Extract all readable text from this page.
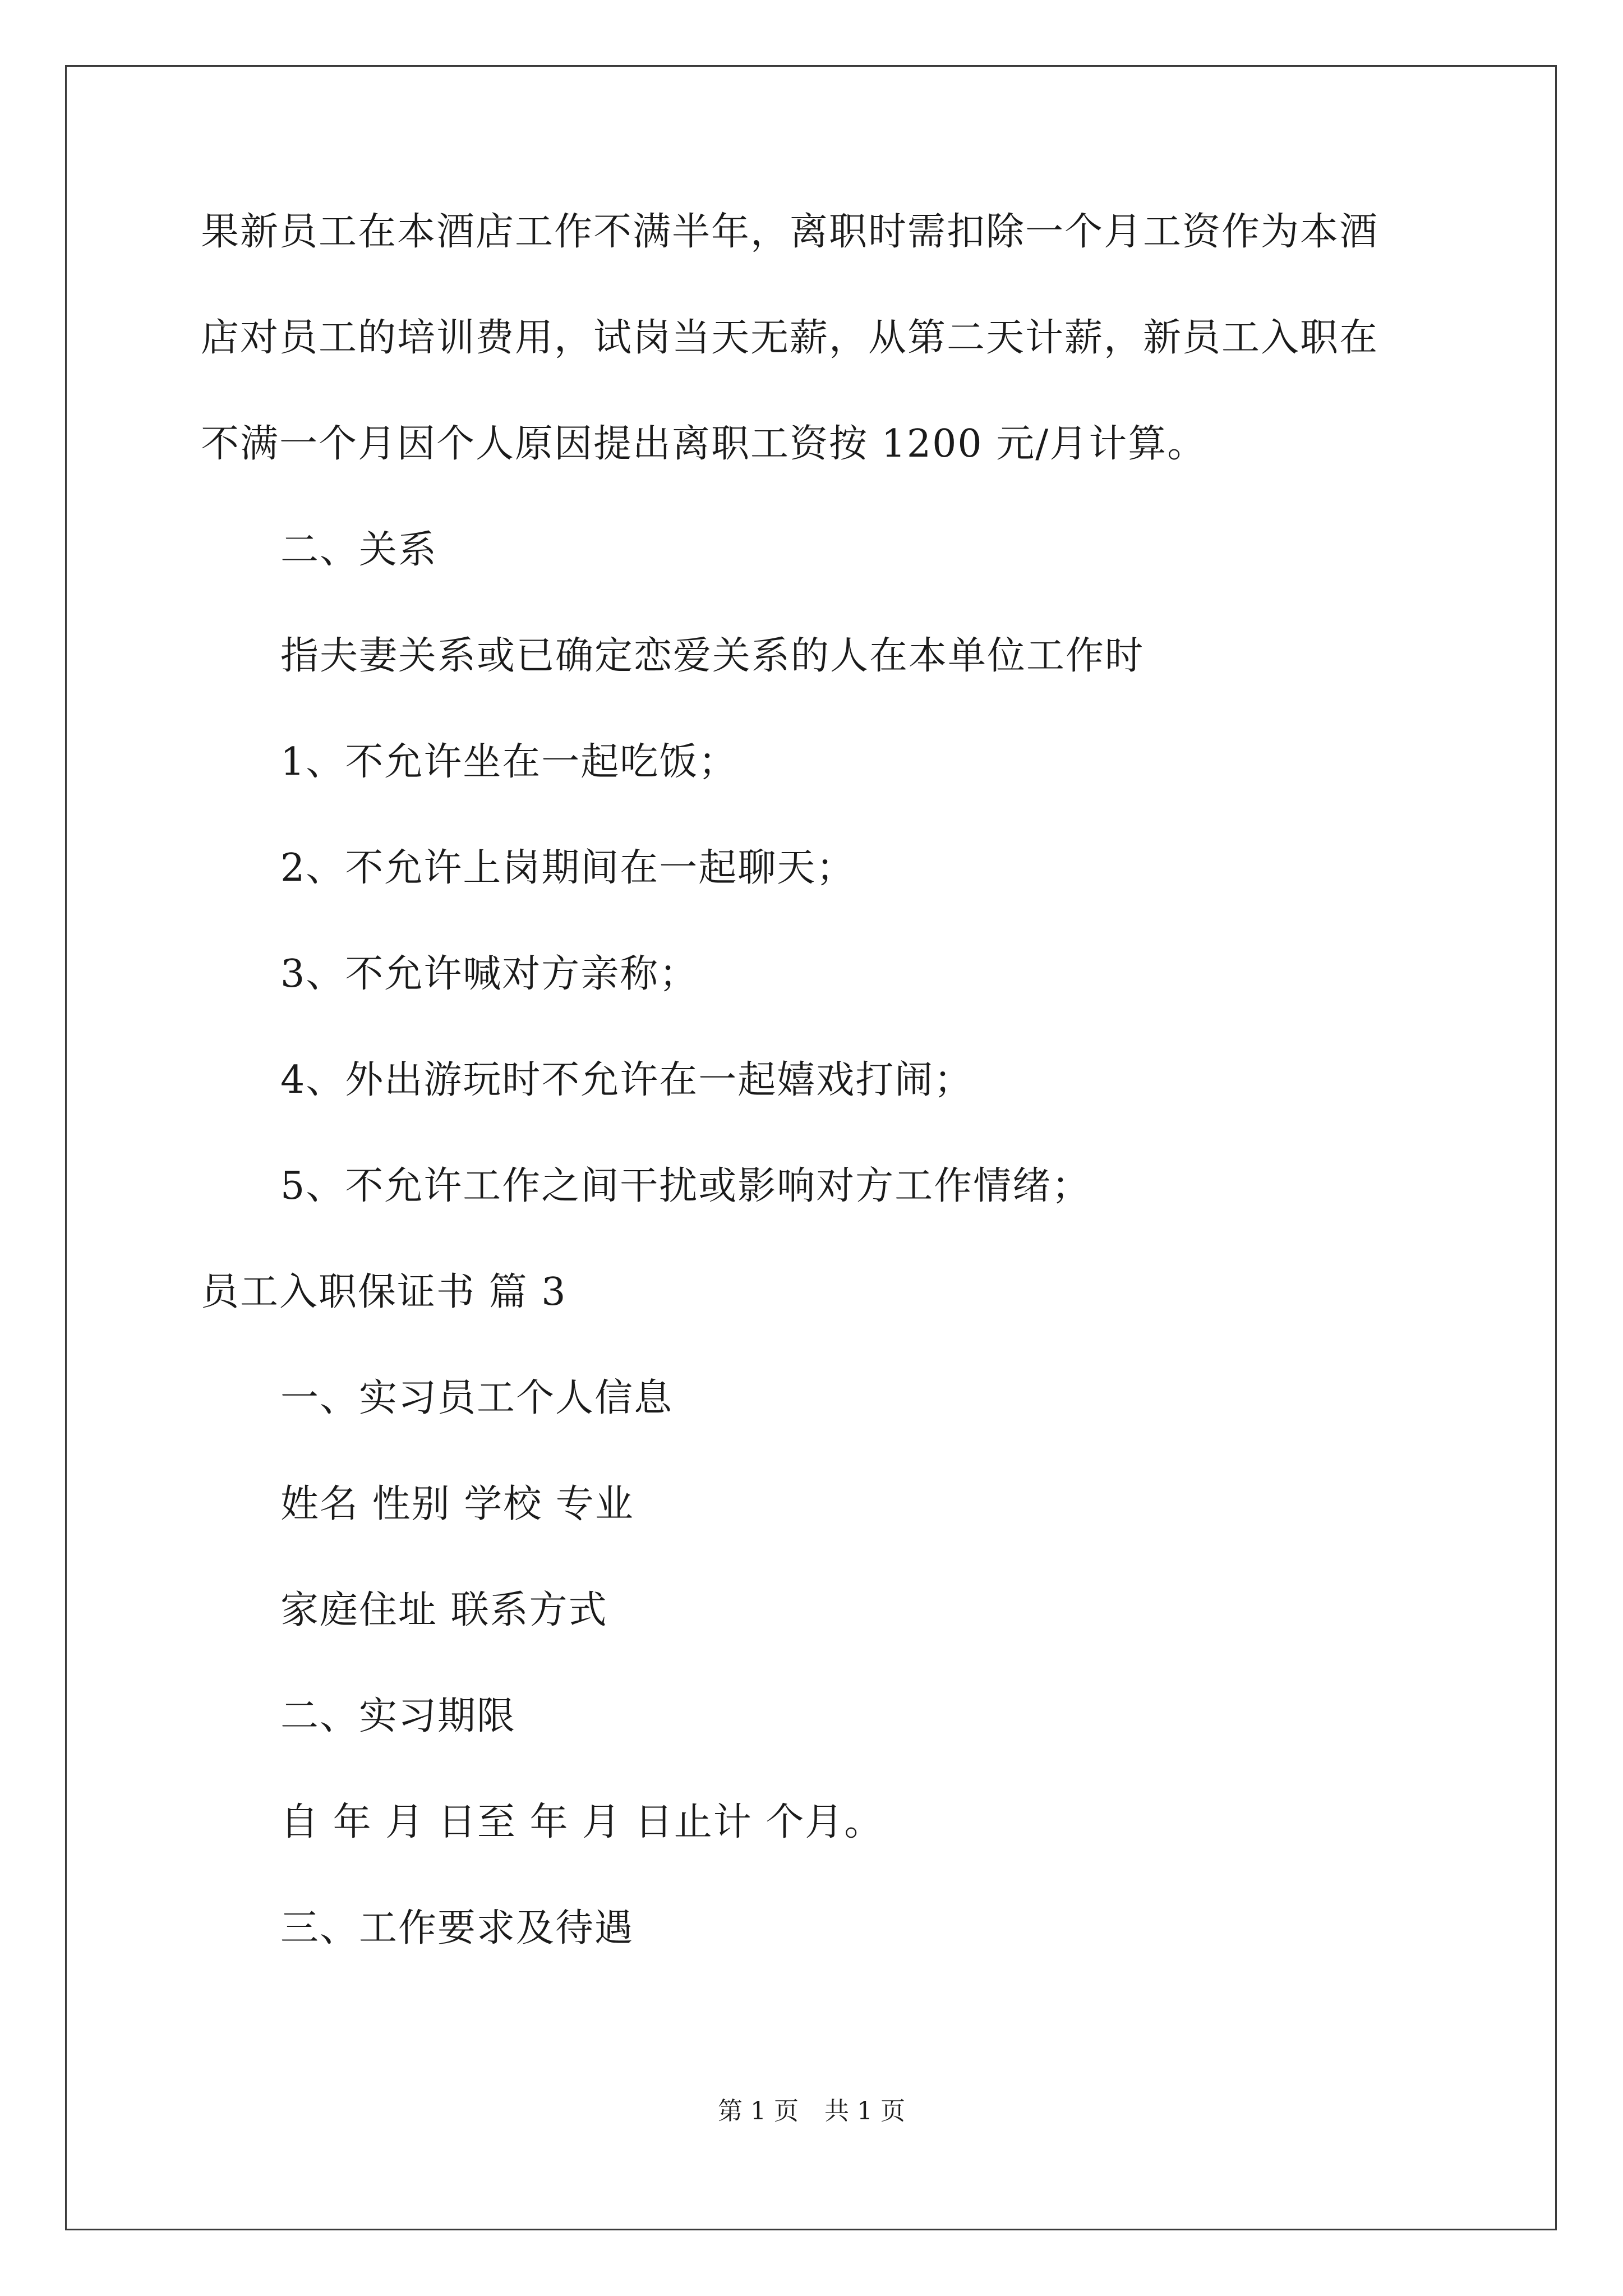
果新员工在本酒店工作不满半年，离职时需扣除一个月工资作为本酒
店对员工的培训费用，试岗当天无薪，从第二天计薪，新员工入职在
不满一个月因个人原因提出离职工资按 1200 元/月计算。
二、关系
指夫妻关系或已确定恋爱关系的人在本单位工作时
1、不允许坐在一起吃饭；
2、不允许上岗期间在一起聊天；
3、不允许喊对方亲称；
4、外出游玩时不允许在一起嬉戏打闹；
5、不允许工作之间干扰或影响对方工作情绪；
员工入职保证书 篇 3
一、实习员工个人信息
姓名 性别 学校 专业
家庭住址 联系方式
二、实习期限
自 年 月 日至 年 月 日止计 个月。
三、工作要求及待遇
第 1 页 共 1 页
